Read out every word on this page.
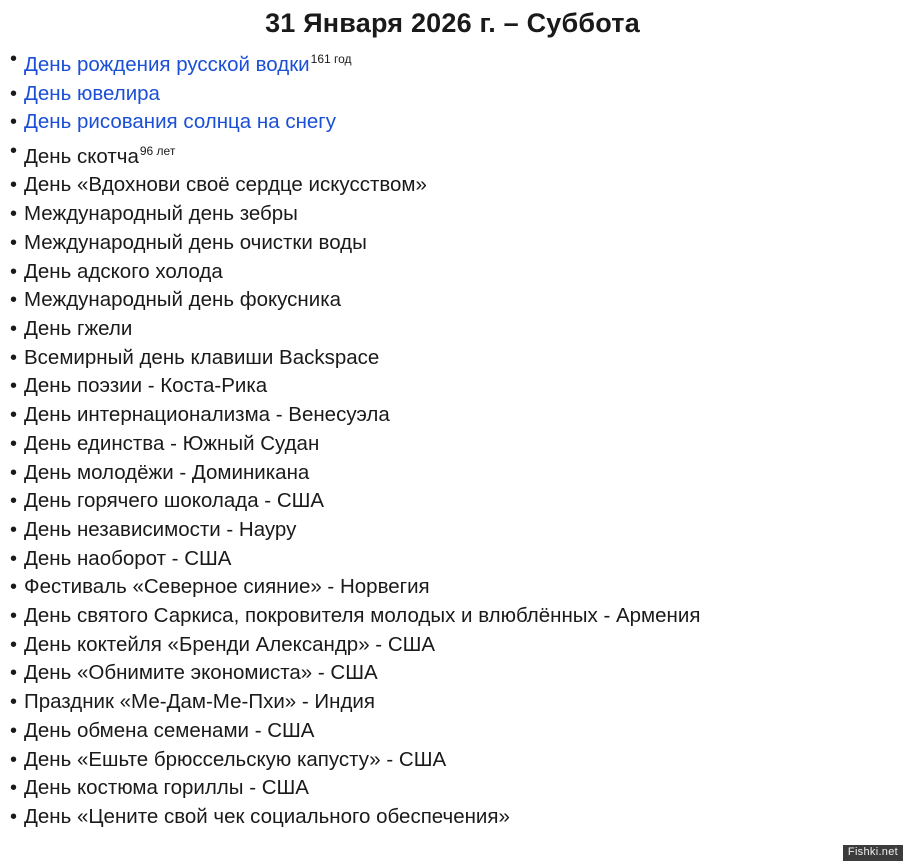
31 Января 2026 г. – Суббота
• День рождения русской водки$^{161 год}$
• День ювелира
• День рисования солнца на снегу
• День скотча$^{96 лет}$
• День «Вдохнови своё сердце искусством»
• Международный день зебры
• Международный день очистки воды
• День адского холода
• Международный день фокусника
• День гжели
• Всемирный день клавиши Backspace
• День поэзии - Коста-Рика
• День интернационализма - Венесуэла
• День единства - Южный Судан
• День молодёжи - Доминикана
• День горячего шоколада - США
• День независимости - Науру
• День наоборот - США
• Фестиваль «Северное сияние» - Норвегия
• День святого Саркиса, покровителя молодых и влюблённых - Армения
• День коктейля «Бренди Александр» - США
• День «Обнимите экономиста» - США
• Праздник «Ме-Дам-Ме-Пхи» - Индия
• День обмена семенами - США
• День «Ешьте брюссельскую капусту» - США
• День костюма гориллы - США
• День «Цените свой чек социального обеспечения»
Fishki.net
